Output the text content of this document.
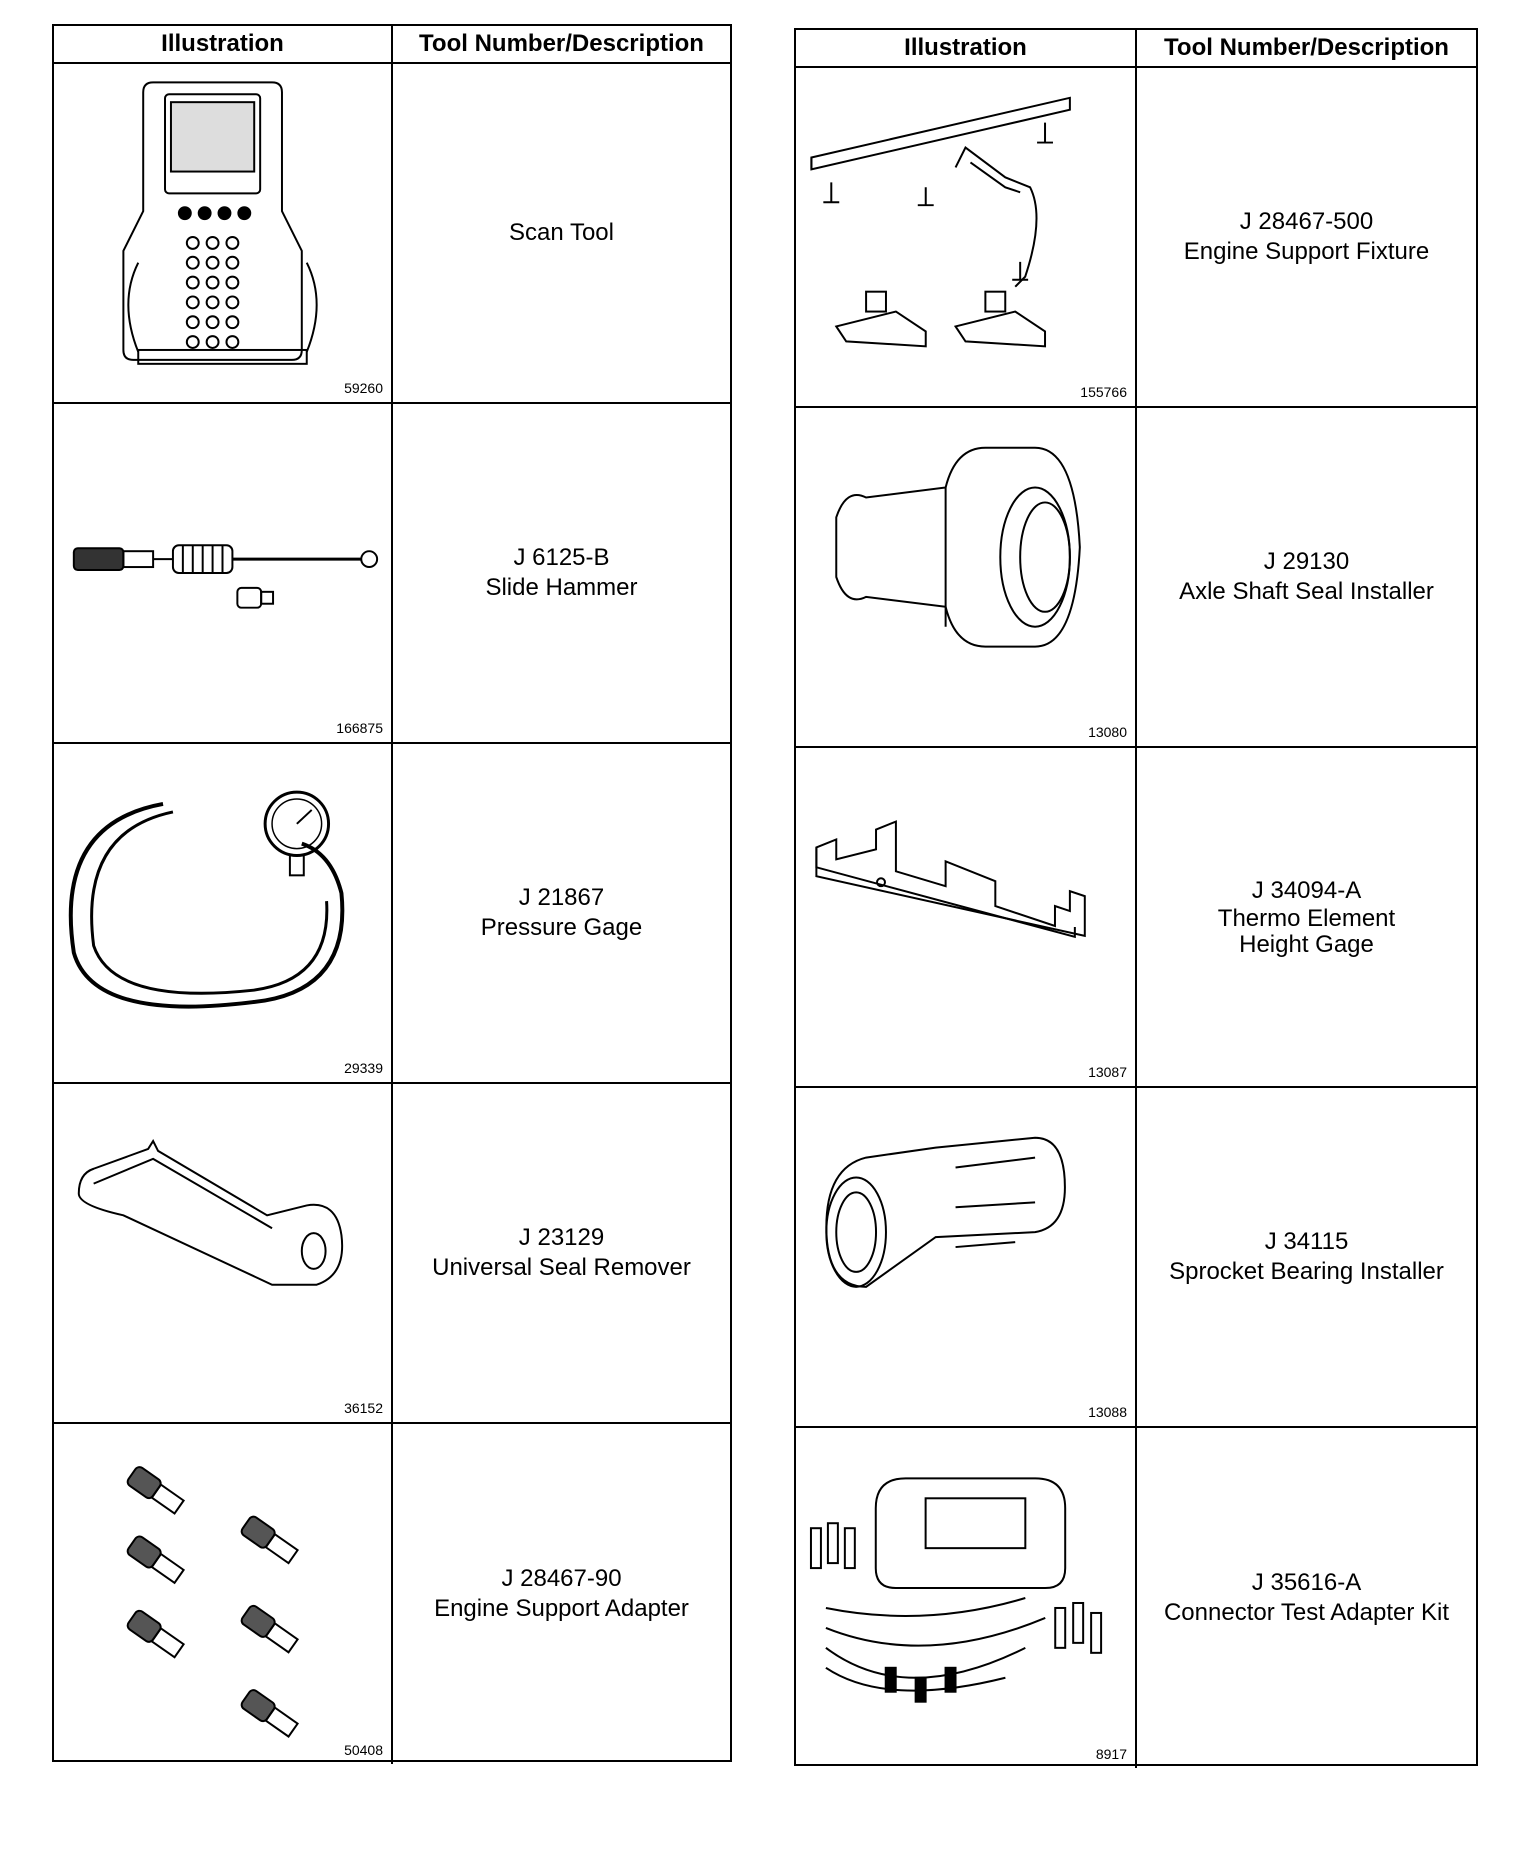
Illustration	Tool Number/Description
59260
Scan Tool
166875
J 6125-B
Slide Hammer
29339
J 21867
Pressure Gage
36152
J 23129
Universal Seal Remover
50408
J 28467-90
Engine Support Adapter
Illustration	Tool Number/Description
155766
J 28467-500
Engine Support Fixture
13080
J 29130
Axle Shaft Seal Installer
13087
J 34094-A
Thermo Element
Height Gage
13088
J 34115
Sprocket Bearing Installer
8917
J 35616-A
Connector Test Adapter Kit
